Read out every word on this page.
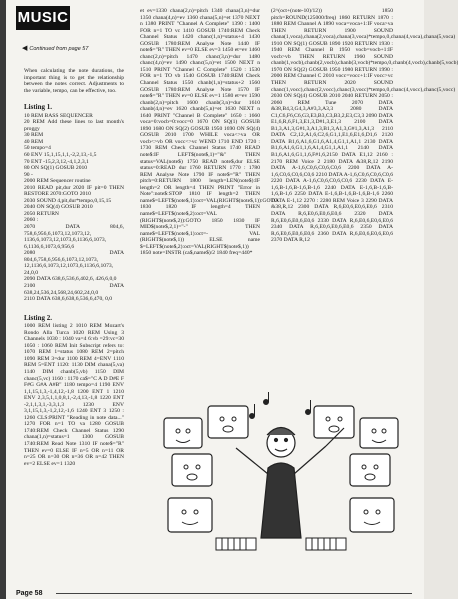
MUSIC
◀ Continued from page 57

When calculating the note durations, the important thing is to get the relationship between the notes correct. Adjustments to the variable, tempo, can be effective, too.

Listing 1.
10 REM BASS SEQUENCER
20 REM Add these lines to last month's proggy
30 REM
40 REM
50 tempo=4
60 ENV 15,1,15,1,1,-2,2,13,-1,5
70 ENT -15,2,3,12,-4,1,2,3,1
80 ON SQ(1) GOSUB 2010
90 -
2000 REM Sequencer routine
2010 READ pit,dur 2020 IF pit=0 THEN RESTORE 2070:GOTO 2010
2030 SOUND 4,pit,dur*tempo,0,15,15
2040 ON SQ(4) GOSUB 2010
2050 RETURN
2060 :
2070 DATA 804,6, 758,6,956,6,1073,12,1073,12, 1136,6,1073,12,1073,6,1136,6,1073, 6,1136,6,1073,6,956,6
2080 DATA 804,6,758,6,956,6,1073,12,1073, 12,1136,6,1073,12,1073,6,1136,6,1073, 24,0,0
2090 DATA 638,6,536,6,402,6, 426,6,0,0
2100 DATA 638,24,536,24,568,24,602,24,0,0
2110 DATA 638,6,638,6,536,6,470, 0,0
Listing 2.
1000 REM listing 2 1010 REM Mozart's Rondo Alla Turca 1020 REM Using 3 Channels 1030 : 1040 va=4 6:vb =29:vc=30 1050 : 1060 REM Init Subscript refers to: 1070 REM 1=status 1080 REM 2=pitch 1090 REM 3=dur 1100 REM 4=ENV 1110 REM 5=ENT 1120: 1130 DIM chana(5,va) 1140 DIM chanb(5,vb) 1150 DIM chanc(5,vc) 1160 : 1170 ca$="C A D D#E F F#G G#A A#B" 1180 tempo=4 1190 ENV 1,1,15,1,3,-1,4,12,-1,8 1200 ENT 1 1210 ENV 2,3,5,1,1,0,8,1,-2,4,13,-1,8 1220 ENT -2,1,1,3,1,-3,3,1,3 1230 ENV 3,1,15,1,3,-1,2,12,-1,6 1240 ENT 3 1250 : 1260 CLS:PRINT "Reading in note data..." 1270 FOR n=1 TO va 1280 GOSUB 1740:REM Check Channel Status 1290 chana(1,n)=status=1 1300 GOSUB 1740:REM Read Note 1310 IF note$="R" THEN ev=0 ELSE IF n=5 OR n=11 OR n=25 OR n=30 OR n=36 OR n=42 THEN ev=2 ELSE ev=1 1320
et ev=1330 chana(2,n)=pitch 1340 chana(3,n)=dur 1350 chana(4,n)=ev 1360 chana(5,n)=et 1370 NEXT n 1380 PRINT "Channel A Complete" 1390 : 1400 FOR n=1 TO vc 1410 GOSUB 1740:REM Check Channel Status 1420 chanc(1,n)=status+4 1430 GOSUB 1780:REM Analyse Note 1440 IF note$="R" THEN ev=0 ELSE ev=3 1450 et=ev 1460 chanc(2,n)=pitch 1470 chanc(3,n)=dur 1480 chanc(4,n)=ev 1490 chanc(5,n)=et 1500 NEXT n 1510 PRINT "Channel C Complete" 1520 : 1530 FOR n=1 TO vb 1540 GOSUB 1740:REM Check Channel Status 1550 chanb(1,n)=status+2 1560 GOSUB 1780:REM Analyse Note 1570 IF note$="R" THEN ev=0 ELSE ev=1 1580 et=ev 1590 chanb(2,n)=pitch 1600 chanb(3,n)=dur 1610 chanb(4,n)=ev 1620 chanb(5,n)=et 1630 NEXT n 1640 PRINT "Channel B Complete" 1650 : 1660 voca=0:vocb=0:vocc=0 1670 ON SQ(1) GOSUB 1890 1680 ON SQ(2) GOSUB 1950 1690 ON SQ(4) GOSUB 2010 1700 WHILE voca<>va OR vocb<>vb OR vocc<>vc WEND 1710 END 1720 : 1730 REM Check Channel Status 1740 READ note$:IF LEFT$(note$,1)="&" THEN status=VAL(note$) 1750 READ note$,dur ELSE status=0:READ dur 1760 RETURN 1770 : 1780 REM Analyse Note 1790 IF note$="R" THEN pitch=0:RETURN 1800 length=LEN(note$):IF length=2 OR length=4 THEN PRINT "Error in Note":note$:STOP 1810 IF length=2 THEN name$=LEFT$(note$,1):oct=VAL(RIGHT$(note$,1)):GOTO 1830 1820 IF length=4 THEN name$=LEFT$(note$,2):oct=VAL (RIGHT$(note$,2)):GOTO 1850 1830 IF MID$(note$,2,1)="-" THEN name$=LEFT$(note$,1):oct=- VAL (RIGHT$(note$,1)) ELSE name $=LEFT$(note$,2):oct=VAL(RIGHT$(note$,1)) 1850 note=INSTR (ca$,name$)/2 1840 freq=440*
(2^(oct+(note-10)/12)) 1850 pitch=ROUND(125000/freq) 1860 RETURN 1870 : 1880 REM Channel A 1890 voca=voca+1:IF voca>va THEN RETURN 1900 SOUND chana(1,voca),chana(2,voca),chana(3,voca)*tempo,0,chana(4,voca),chana(5,voca) 1910 ON SQ(1) GOSUB 1890 1920 RETURN 1930 : 1940 REM Channel B 1950 vocb=vocb+1:IF vocb>vb THEN RETURN 1960 SOUND chanb(1,vocb),chanb(2,vocb),chanb(3,vocb)*tempo,0,chanb(4,vocb),chanb(5,vocb) 1970 ON SQ(2) GOSUB 1950 1980 RETURN 1990 : 2000 REM Channel C 2010 vocc=vocc+1:IF vocc>vc THEN RETURN 2020 SOUND chanc(1,vocc),chanc(2,vocc),chanc(3,vocc)*tempo,0,chanc(4,vocc),chanc(5,vocc) 2030 ON SQ(4) GOSUB 2010 2040 RETURN 2050 : 2060 REM Tune 2070 DATA &38,B4,3,G4,3,A#3,3,A3,3 2080 DATA C1,C6,F6,C6,G3,E3,B3,C3,B3,2,E3,C3,3 2090 DATA E1,6,R,6,F1,3,E1,3,D#1,3,E1,3 2100 DATA B1,3,A1,3,G#1,3,A1,3,B1,3,A1,3,G#1,3,A1,3 2110 DATA C2,12,A1,6,C2,6,G1,1,E1,6,E1,6,D1,6 2120 DATA B1,6,A1,6,G1,6,A1,4,G1,1,A1,1 2130 DATA B1,6,A1,6,G1,1,6,A1,4,G1,1,A1,1 2140 DATA B1,6,A1,6,G1,1,6,F#1,6,2150 DATA E1,12 2160 : 2170 REM Voice 2 2180 DATA &38,R,12 2190 DATA A-1,6,C0,6,C0,6,C0,6 2200 DATA A-1,6,C0,6,C0,6,C0,6 2210 DATA A-1,6,C0,6,C0,6,C0,6 2220 DATA A-1,6,C0,6,C0,6,C0,6 2230 DATA E-1,6,B-1,6,B-1,6,B-1,6 2240 DATA E-1,6,B-1,6,B-1,6,B-1,6 2250 DATA E-1,6,B-1,6,B-1,6,B-1,6 2260 DATA E-1,12 2270 : 2280 REM Voice 3 2290 DATA &38,R,12 2300 DATA R,6,E0,6,E0,6,E0,6 2310 DATA R,6,E0,6,E0,6,E0,6 2320 DATA R,6,E0,6,E0,6,E0,6 2330 DATA R,6,E0,6,E0,6,E0,6 2340 DATA R,6,E0,6,E0,6,E0,6 2350 DATA R,6,E0,6,E0,6,E0,6 2360 DATA R,6,E0,6,E0,6,E0,6 2370 DATA R,12
Page 58
